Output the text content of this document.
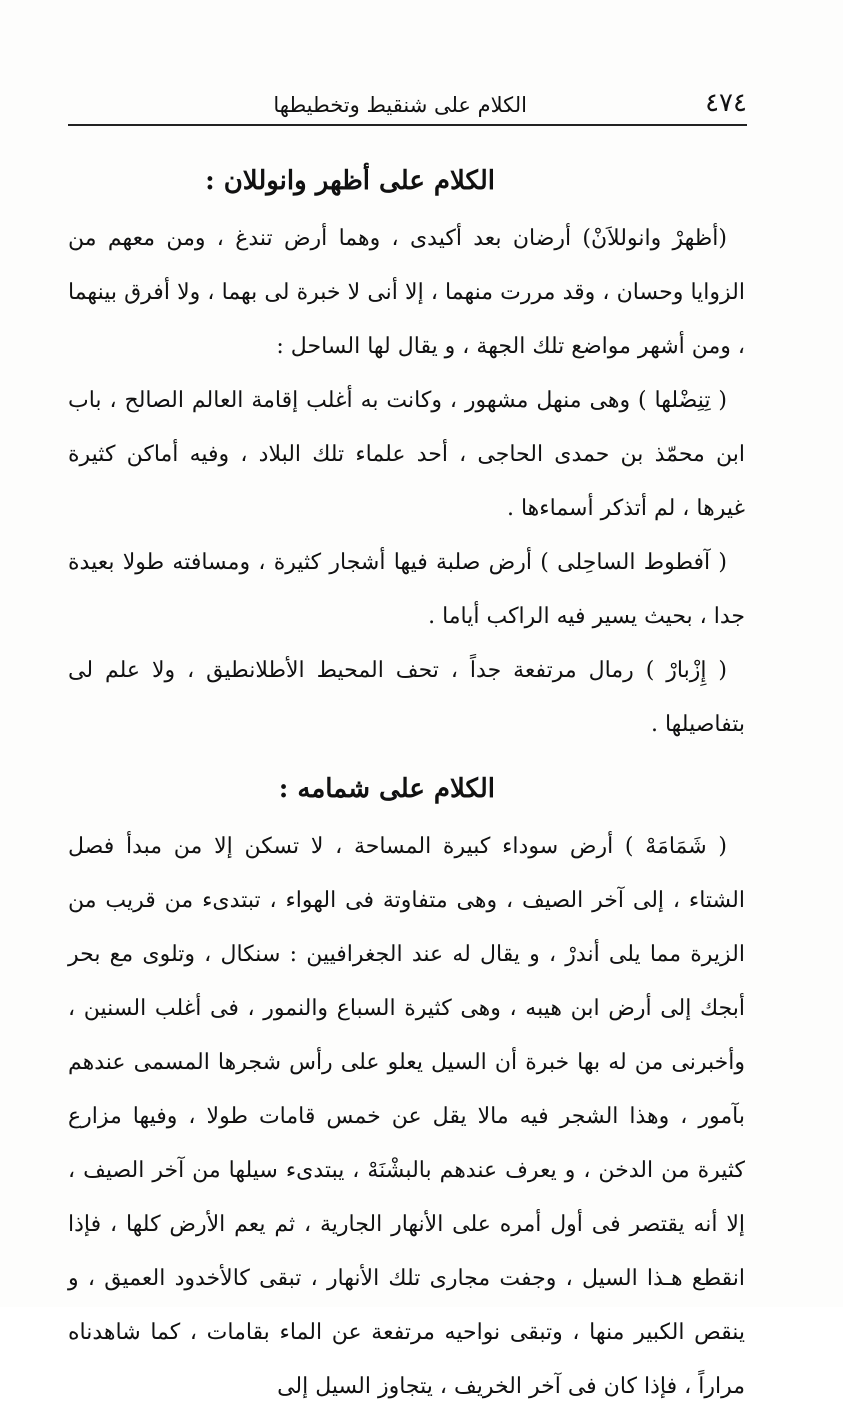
٤٧٤
الكلام على شنقيط وتخطيطها
الكلام على أظهر وانوللان :

(أظهرْ وانوللاَنْ) أرضان بعد أكيدى ، وهما أرض تندغ ، ومن معهم من الزوايا وحسان ، وقد مررت منهما ، إلا أنى لا خبرة لى بهما ، ولا أفرق بينهما ، ومن أشهر مواضع تلك الجهة ، و يقال لها الساحل :

( تِنِضْلها ) وهى منهل مشهور ، وكانت به أغلب إقامة العالم الصالح ، باب ابن محمّذ بن حمدى الحاجى ، أحد علماء تلك البلاد ، وفيه أماكن كثيرة غيرها ، لم أتذكر أسماءها .

( آفطوط الساحِلى ) أرض صلبة فيها أشجار كثيرة ، ومسافته طولا بعيدة جدا ، بحيث يسير فيه الراكب أياما .

( إِزْبارْ ) رمال مرتفعة جداً ، تحف المحيط الأطلانطيق ، ولا علم لى بتفاصيلها .

الكلام على شمامه :

( شَمَامَهْ ) أرض سوداء كبيرة المساحة ، لا تسكن إلا من مبدأ فصل الشتاء ، إلى آخر الصيف ، وهى متفاوتة فى الهواء ، تبتدىء من قريب من الزيرة مما يلى أندرْ ، و يقال له عند الجغرافيين : سنكال ، وتلوى مع بحر أبجك إلى أرض ابن هيبه ، وهى كثيرة السباع والنمور ، فى أغلب السنين ، وأخبرنى من له بها خبرة أن السيل يعلو على رأس شجرها المسمى عندهم بآمور ، وهذا الشجر فيه مالا يقل عن خمس قامات طولا ، وفيها مزارع كثيرة من الدخن ، و يعرف عندهم بالبشْنَهْ ، يبتدىء سيلها من آخر الصيف ، إلا أنه يقتصر فى أول أمره على الأنهار الجارية ، ثم يعم الأرض كلها ، فإذا انقطع هـذا السيل ، وجفت مجارى تلك الأنهار ، تبقى كالأخدود العميق ، و ينقص الكبير منها ، وتبقى نواحيه مرتفعة عن الماء بقامات ، كما شاهدناه مراراً ، فإذا كان فى آخر الخريف ، يتجاوز السيل إلى
